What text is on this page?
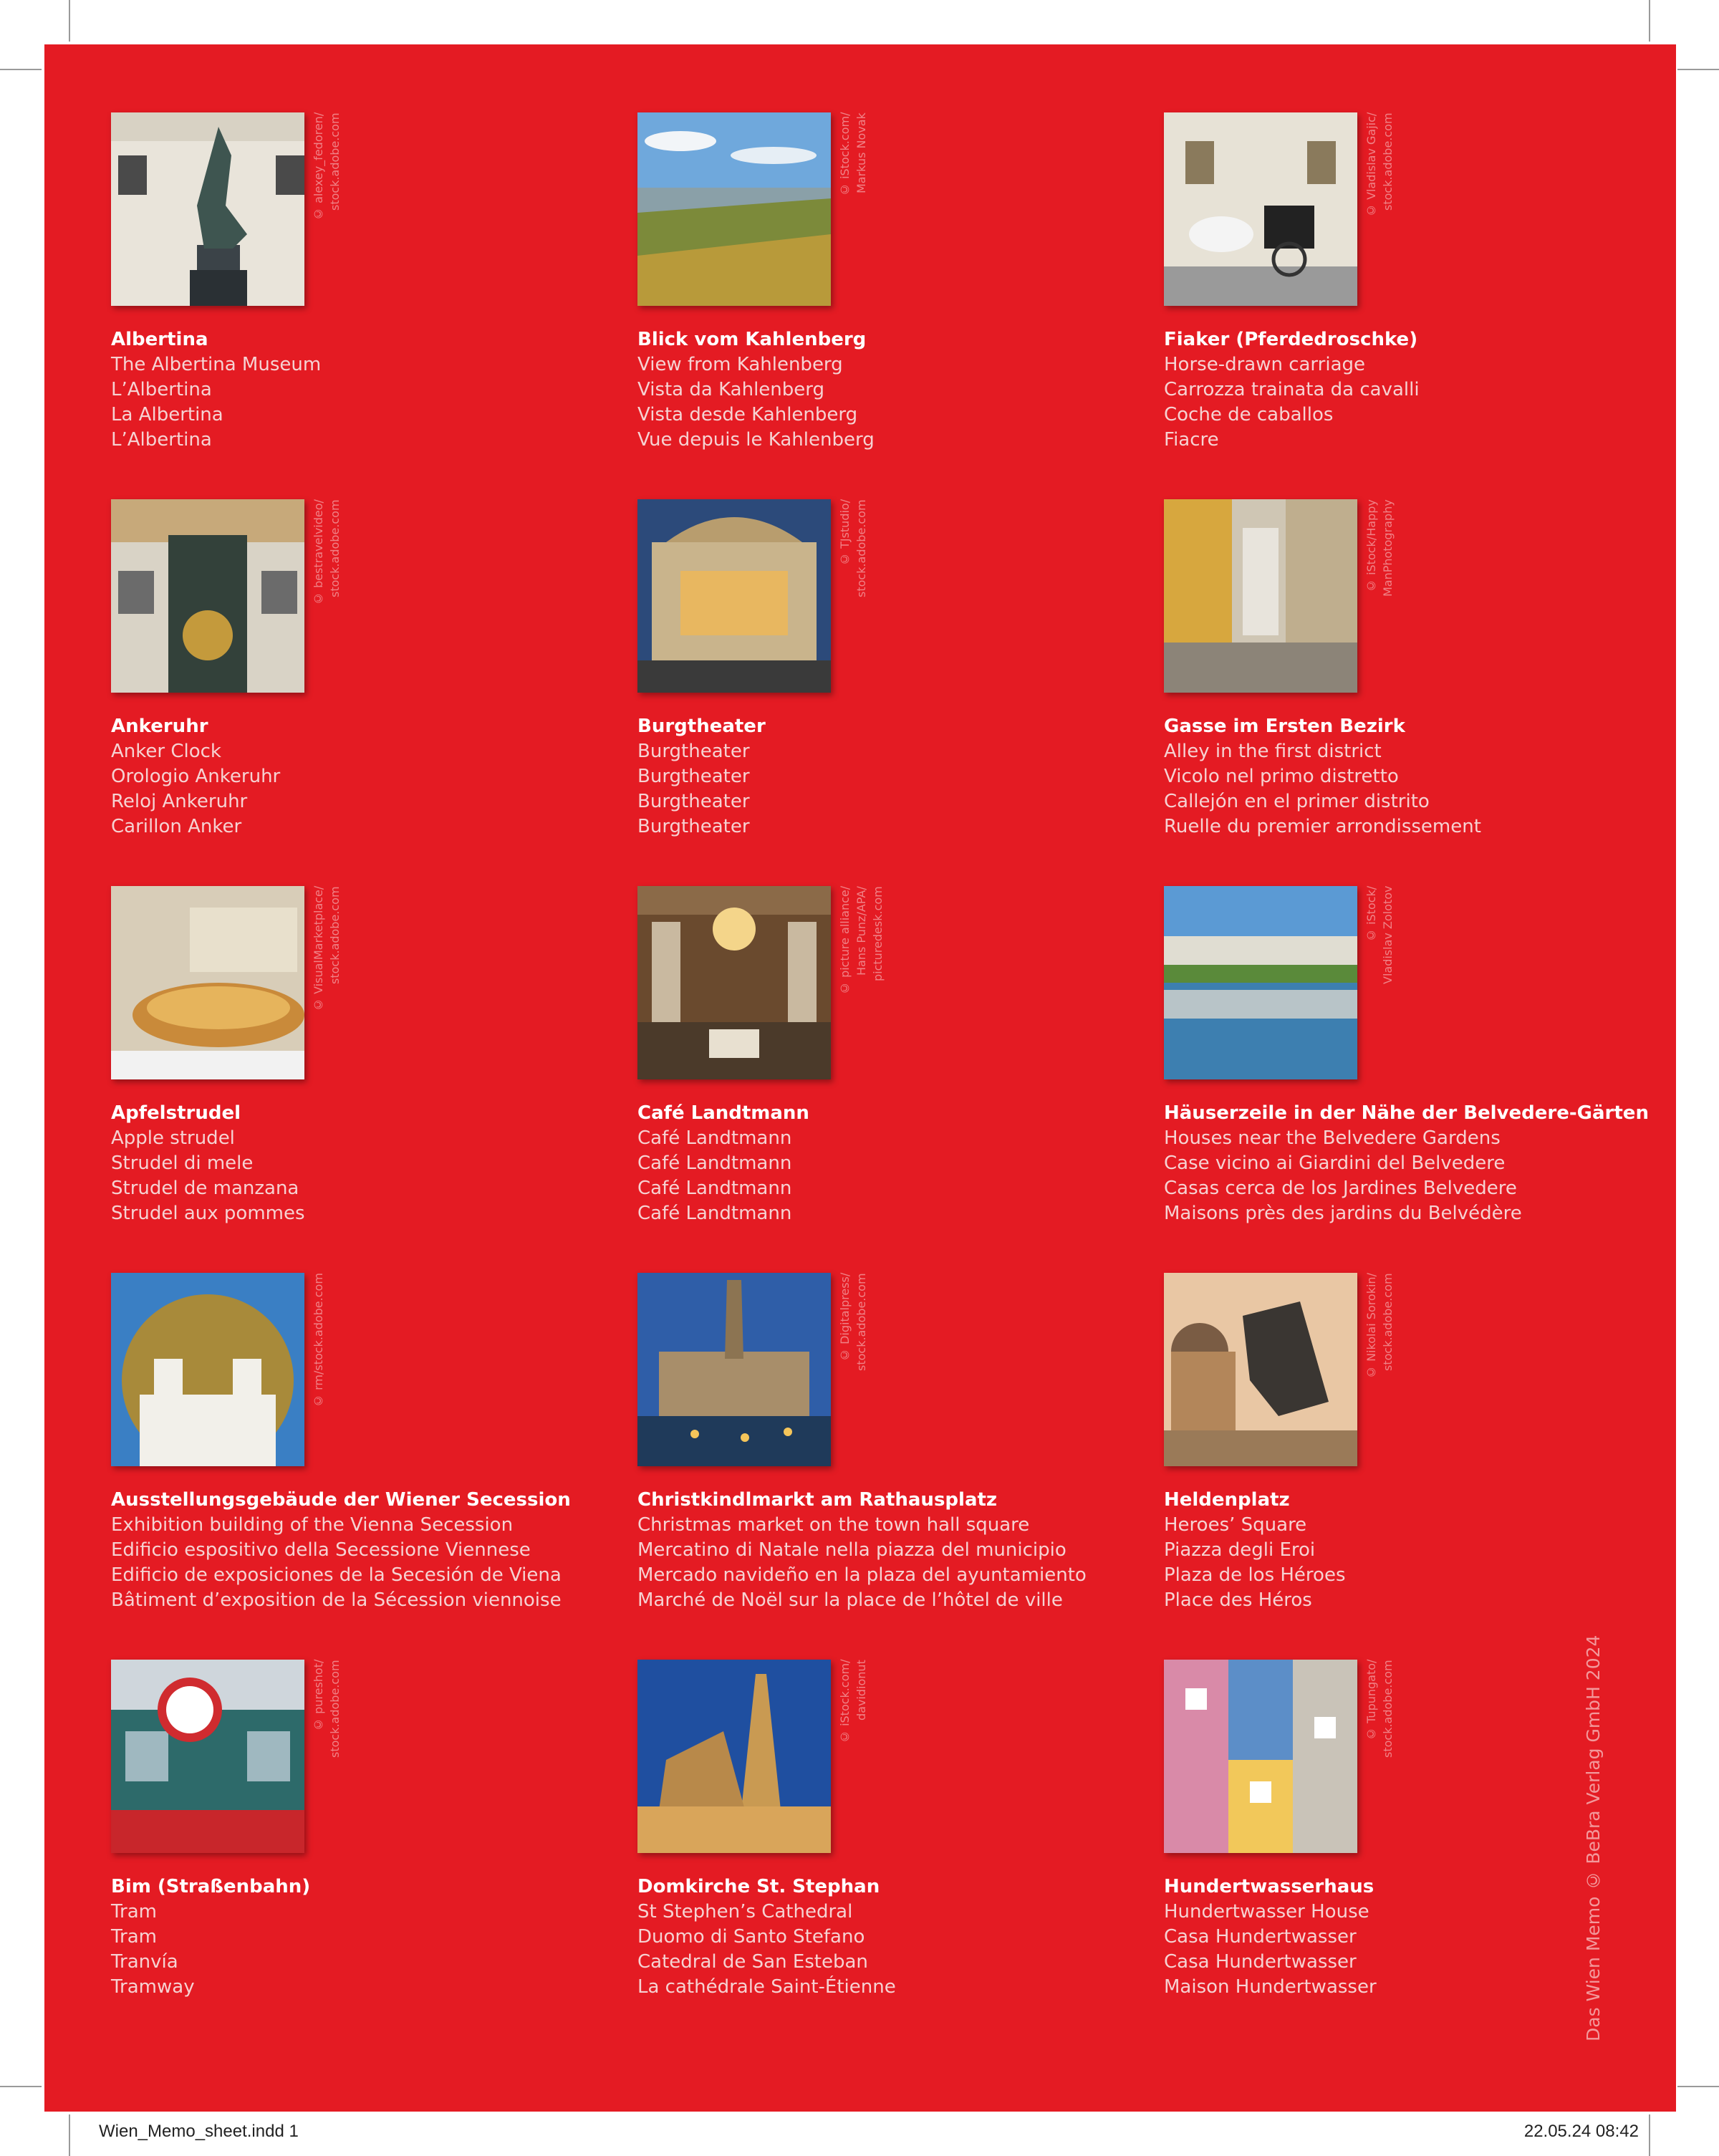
© alexey_fedoren/
stock.adobe.com
Albertina
The Albertina Museum
L’Albertina
La Albertina
L’Albertina
© iStock.com/
Markus Novak
Blick vom Kahlenberg
View from Kahlenberg
Vista da Kahlenberg
Vista desde Kahlenberg
Vue depuis le Kahlenberg
© Vladislav Gajic/
stock.adobe.com
Fiaker (Pferdedroschke)
Horse-drawn carriage
Carrozza trainata da cavalli
Coche de caballos
Fiacre
© bestravelvideo/
stock.adobe.com
Ankeruhr
Anker Clock
Orologio Ankeruhr
Reloj Ankeruhr
Carillon Anker
© TJstudio/
stock.adobe.com
Burgtheater
Burgtheater
Burgtheater
Burgtheater
Burgtheater
© iStock/Happy
ManPhotography
Gasse im Ersten Bezirk
Alley in the first district
Vicolo nel primo distretto
Callejón en el primer distrito
Ruelle du premier arrondissement
© VisualMarketplace/
stock.adobe.com
Apfelstrudel
Apple strudel
Strudel di mele
Strudel de manzana
Strudel aux pommes
© picture alliance/
Hans Punz/APA/
picturedesk.com
Café Landtmann
Café Landtmann
Café Landtmann
Café Landtmann
Café Landtmann
© iStock/
Vladislav Zolotov
Häuserzeile in der Nähe der Belvedere-Gärten
Houses near the Belvedere Gardens
Case vicino ai Giardini del Belvedere
Casas cerca de los Jardines Belvedere
Maisons près des jardins du Belvédère
© rm/stock.adobe.com
Ausstellungsgebäude der Wiener Secession
Exhibition building of the Vienna Secession
Edificio espositivo della Secessione Viennese
Edificio de exposiciones de la Secesión de Viena
Bâtiment d’exposition de la Sécession viennoise
© Digitalpress/
stock.adobe.com
Christkindlmarkt am Rathausplatz
Christmas market on the town hall square
Mercatino di Natale nella piazza del municipio
Mercado navideño en la plaza del ayuntamiento
Marché de Noël sur la place de l’hôtel de ville
© Nikolai Sorokin/
stock.adobe.com
Heldenplatz
Heroes’ Square
Piazza degli Eroi
Plaza de los Héroes
Place des Héros
© pureshot/
stock.adobe.com
Bim (Straßenbahn)
Tram
Tram
Tranvía
Tramway
© iStock.com/
davidionut
Domkirche St. Stephan
St Stephen’s Cathedral
Duomo di Santo Stefano
Catedral de San Esteban
La cathédrale Saint-Étienne
© Tupungato/
stock.adobe.com
Hundertwasserhaus
Hundertwasser House
Casa Hundertwasser
Casa Hundertwasser
Maison Hundertwasser	Das Wien Memo © BeBra Verlag GmbH 2024
Wien_Memo_sheet.indd 1	22.05.24 08:42
